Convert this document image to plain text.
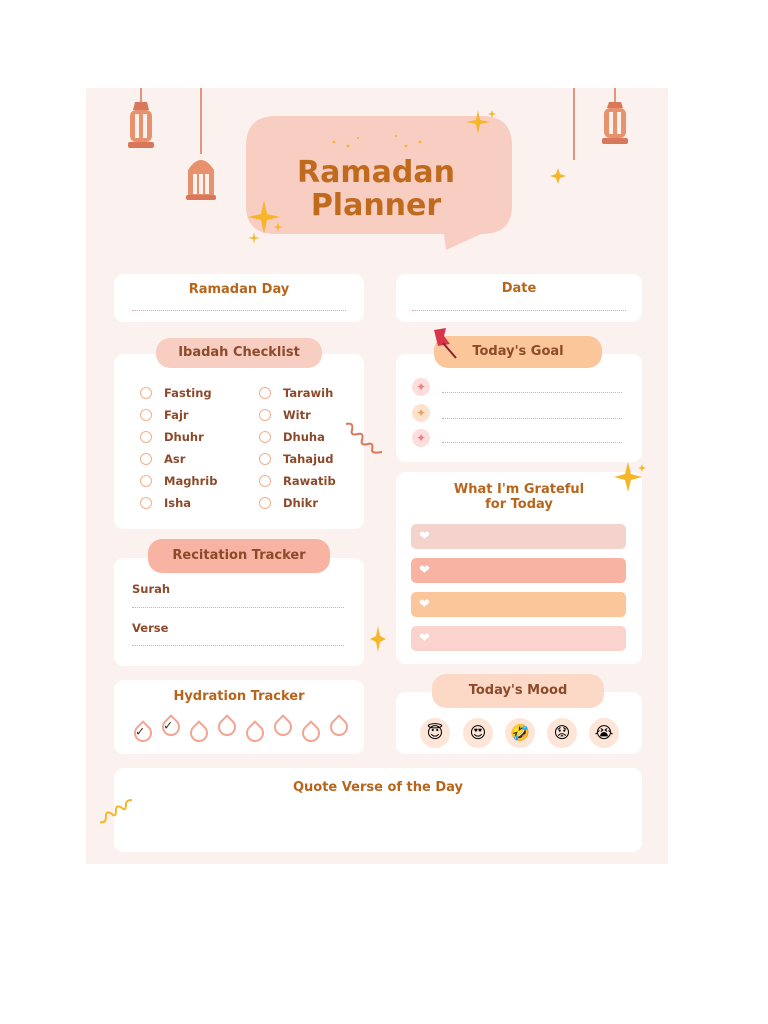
Ramadan
Planner
Ramadan Day	Date
Ibadah Checklist
Fasting
Fajr
Dhuhr
Asr
Maghrib
Isha
Tarawih
Witr
Dhuha
Tahajud
Rawatib
Dhikr
Today's Goal
✦
✦
✦
What I'm Grateful
for Today
❤
❤
❤
❤
Recitation Tracker
Surah
Verse
Hydration Tracker
✓ ✓
Today's Mood
😇 😍 🤣 😟 😭
Quote Verse of the Day
